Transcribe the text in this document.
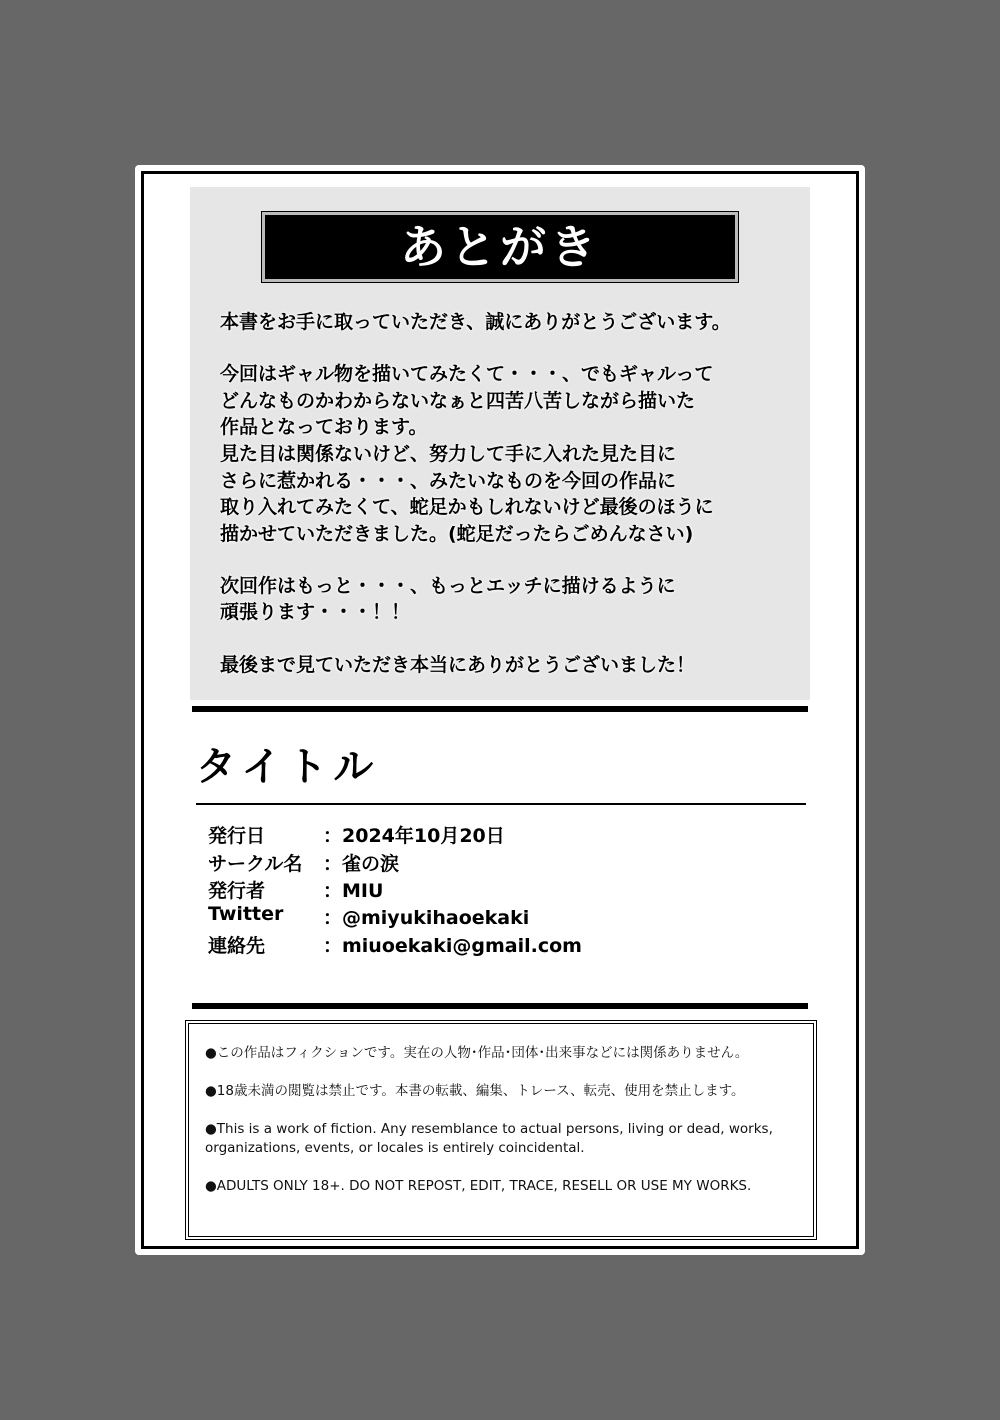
あとがき
本書をお手に取っていただき、誠にありがとうございます。
今回はギャル物を描いてみたくて・・・、でもギャルって
どんなものかわからないなぁと四苦八苦しながら描いた
作品となっております。
見た目は関係ないけど、努力して手に入れた見た目に
さらに惹かれる・・・、みたいなものを今回の作品に
取り入れてみたくて、蛇足かもしれないけど最後のほうに
描かせていただきました。(蛇足だったらごめんなさい)
次回作はもっと・・・、もっとエッチに描けるように
頑張ります・・・！！
最後まで見ていただき本当にありがとうございました！
タイトル
発行日	：2024年10月20日
サークル名 ：雀の涙
発行者	：MIU
Twitter ：@miyukihaoekaki
連絡先	：miuoekaki@gmail.com
●この作品はフィクションです。実在の人物･作品･団体･出来事などには関係ありません。
●18歳未満の閲覧は禁止です。本書の転載、編集、トレース、転売、使用を禁止します。
●This is a work of fiction. Any resemblance to actual persons, living or dead, works, organizations, events, or locales is entirely coincidental.
●ADULTS ONLY 18+. DO NOT REPOST, EDIT, TRACE, RESELL OR USE MY WORKS.
